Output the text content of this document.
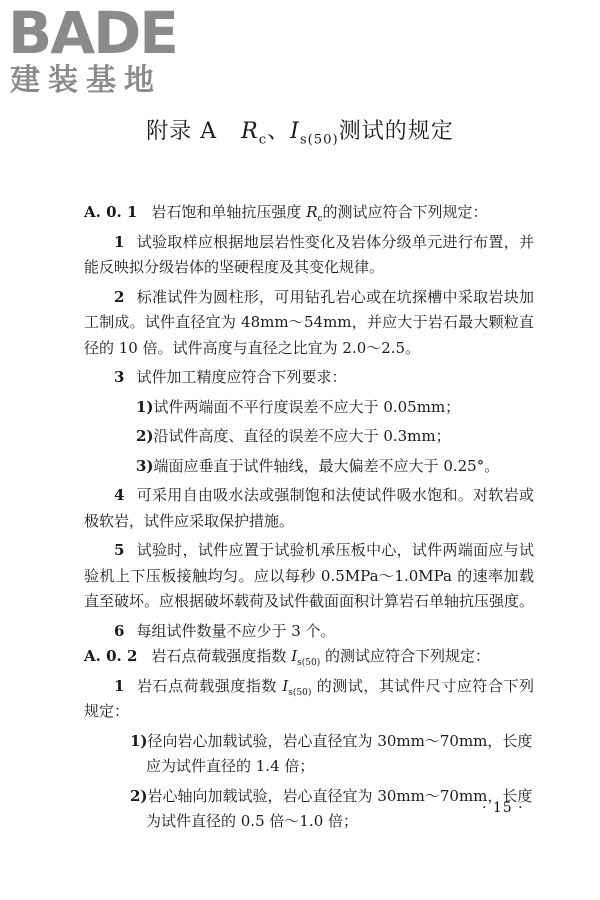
BADE
建装基地
附录 A $R_c$、$I_{s(50)}$测试的规定

A. 0. 1 岩石饱和单轴抗压强度 $R_c$的测试应符合下列规定：

1 试验取样应根据地层岩性变化及岩体分级单元进行布置，并能反映拟分级岩体的坚硬程度及其变化规律。

2 标准试件为圆柱形，可用钻孔岩心或在坑探槽中采取岩块加工制成。试件直径宜为 48mm～54mm，并应大于岩石最大颗粒直径的 10 倍。试件高度与直径之比宜为 2.0～2.5。

3 试件加工精度应符合下列要求：

1)试件两端面不平行度误差不应大于 0.05mm；

2)沿试件高度、直径的误差不应大于 0.3mm；

3)端面应垂直于试件轴线，最大偏差不应大于 0.25°。

4 可采用自由吸水法或强制饱和法使试件吸水饱和。对软岩或极软岩，试件应采取保护措施。

5 试验时，试件应置于试验机承压板中心，试件两端面应与试验机上下压板接触均匀。应以每秒 0.5MPa～1.0MPa 的速率加载直至破坏。应根据破坏载荷及试件截面面积计算岩石单轴抗压强度。

6 每组试件数量不应少于 3 个。

A. 0. 2 岩石点荷载强度指数 $I_{s(50)}$ 的测试应符合下列规定：

1 岩石点荷载强度指数 $I_{s(50)}$ 的测试，其试件尺寸应符合下列规定：

1)径向岩心加载试验，岩心直径宜为 30mm～70mm，长度

应为试件直径的 1.4 倍；

2)岩心轴向加载试验，岩心直径宜为 30mm～70mm，长度

为试件直径的 0.5 倍～1.0 倍；

· 15 ·
